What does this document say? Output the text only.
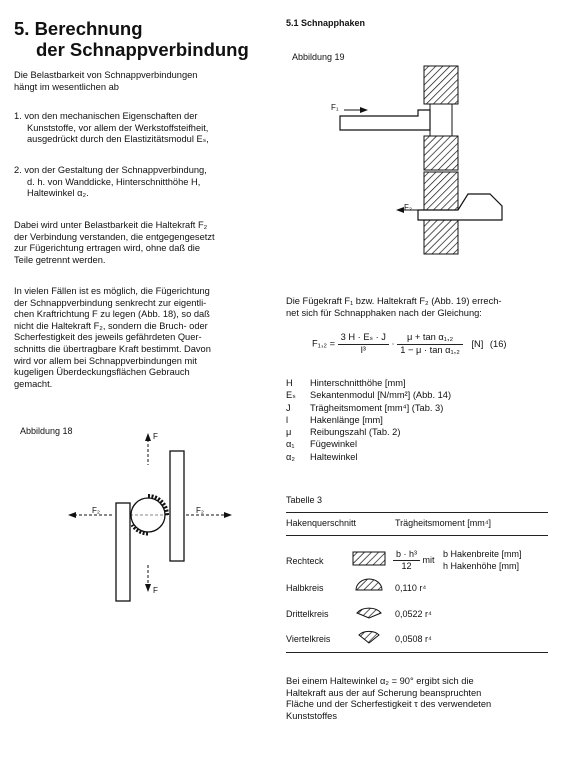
5. Berechnung
der Schnappverbindung
Die Belastbarkeit von Schnappverbindungen
hängt im wesentlichen ab
1. von den mechanischen Eigenschaften der
Kunststoffe, vor allem der Werkstoffsteifheit,
ausgedrückt durch den Elastizitätsmodul Eₛ,
2. von der Gestaltung der Schnappverbindung,
d. h. von Wanddicke, Hinterschnitthöhe H,
Haltewinkel α₂.
Dabei wird unter Belastbarkeit die Haltekraft F₂
der Verbindung verstanden, die entgegengesetzt
zur Fügerichtung ertragen wird, ohne daß die
Teile getrennt werden.
In vielen Fällen ist es möglich, die Fügerichtung
der Schnappverbindung senkrecht zur eigentli-
chen Kraftrichtung F zu legen (Abb. 18), so daß
nicht die Haltekraft F₂, sondern die Bruch- oder
Scherfestigkeit des jeweils gefährdeten Quer-
schnitts die übertragbare Kraft bestimmt. Davon
wird vor allem bei Schnappverbindungen mit
kugeligen Überdeckungsflächen Gebrauch
gemacht.
Abbildung 18
F
F
F₂	F₂
5.1 Schnapphaken
Abbildung 19
F₁
F₂
Die Fügekraft F₁ bzw. Haltekraft F₂ (Abb. 19) errech-
net sich für Schnapphaken nach der Gleichung:
$F_1,_2 = \frac{\text{3 H · Eₛ · J}}{\text{l³}} \cdot \frac{\text{μ + tan α₁,₂}}{\text{1 − μ · tan α₁,₂}} [N]$ (16)
H Hinterschnitthöhe [mm]
Eₛ Sekantenmodul [N/mm²] (Abb. 14)
J Trägheitsmoment [mm⁴] (Tab. 3)
l Hakenlänge [mm]
μ Reibungszahl (Tab. 2)
α₁ Fügewinkel
α₂ Haltewinkel
Tabelle 3
Hakenquerschnitt	Trägheitsmoment [mm⁴]
Rechteck	$\frac{\text{b · h³}}{12}$ mit
b Hakenbreite [mm]
h Hakenhöhe [mm]
Halbkreis	0,110 r⁴
Drittelkreis	0,0522 r⁴
Viertelkreis	0,0508 r⁴
Bei einem Haltewinkel α₂ = 90° ergibt sich die
Haltekraft aus der auf Scherung beanspruchten
Fläche und der Scherfestigkeit τ des verwendeten
Kunststoffes
